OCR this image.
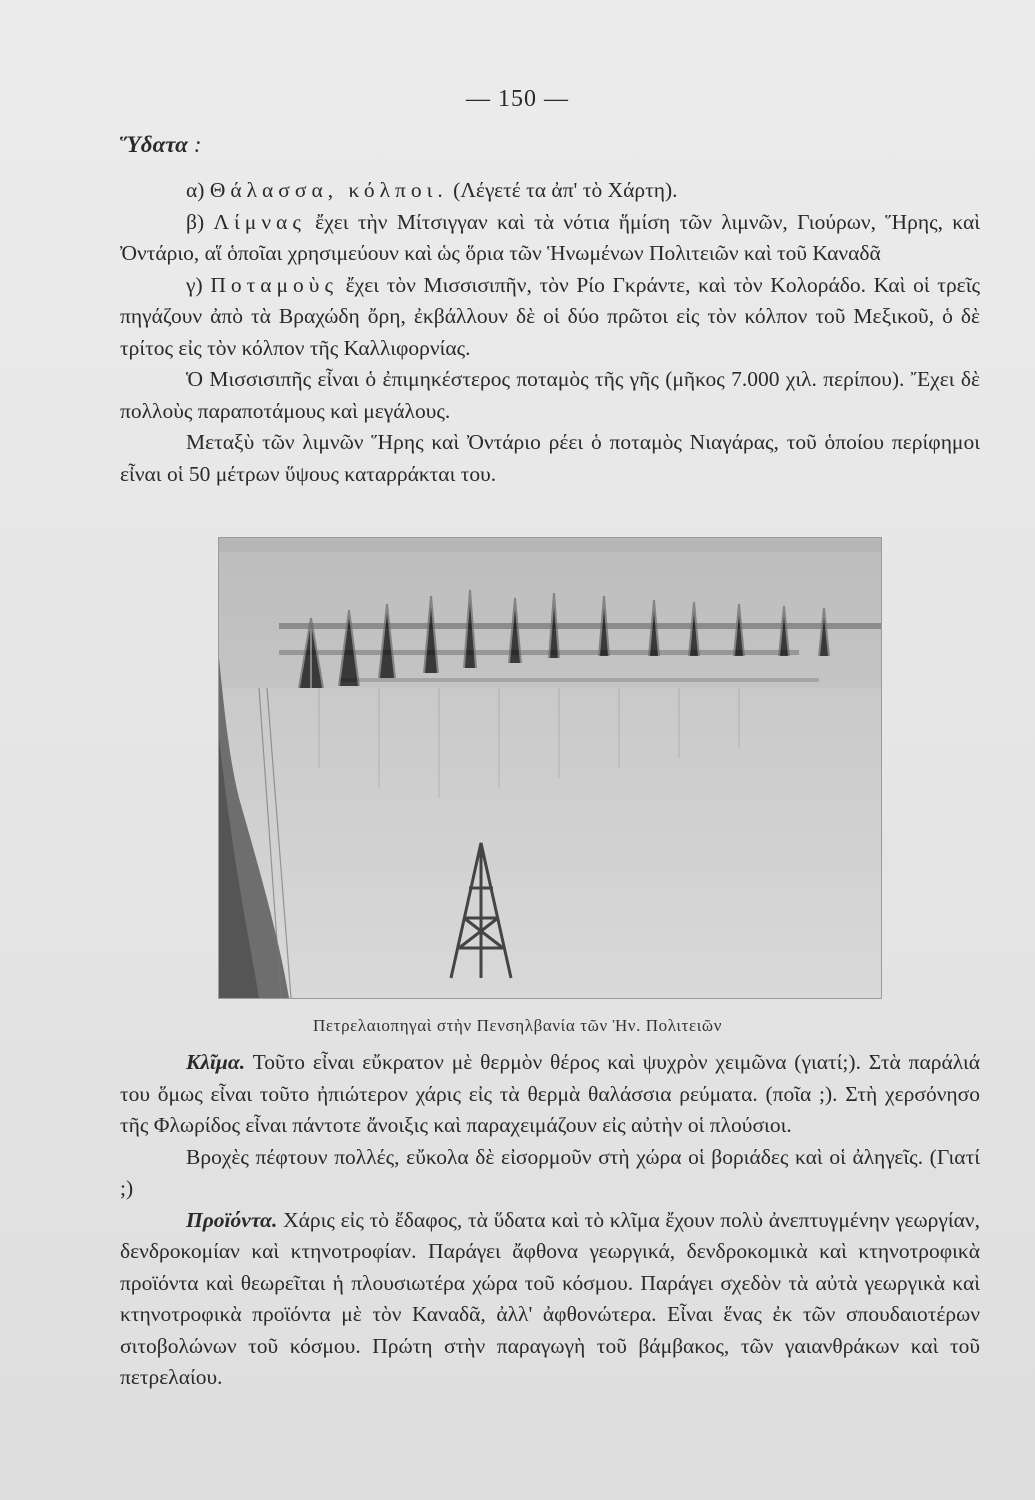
— 150 —
Ὕδατα :

α) Θάλασσα, κόλποι. (Λέγετέ τα ἀπ' τὸ Χάρτη).

β) Λίμνας ἔχει τὴν Μίτσιγγαν καὶ τὰ νότια ἥμίση τῶν λιμνῶν, Γιούρων, Ἥρης, καὶ Ὀντάριο, αἵ ὁποῖαι χρησιμεύουν καὶ ὡς ὅρια τῶν Ἡνωμένων Πολιτειῶν καὶ τοῦ Καναδᾶ

γ) Ποταμοὺς ἔχει τὸν Μισσισιπῆν, τὸν Ρίο Γκράντε, καὶ τὸν Κολοράδο. Καὶ οἱ τρεῖς πηγάζουν ἀπὸ τὰ Βραχώδη ὄρη, ἐκβάλλουν δὲ οἱ δύο πρῶτοι εἰς τὸν κόλπον τοῦ Μεξικοῦ, ὁ δὲ τρίτος εἰς τὸν κόλπον τῆς Καλλιφορνίας.

Ὁ Μισσισιπῆς εἶναι ὁ ἐπιμηκέστερος ποταμὸς τῆς γῆς (μῆκος 7.000 χιλ. περίπου). Ἔχει δὲ πολλοὺς παραποτάμους καὶ μεγάλους.

Μεταξὺ τῶν λιμνῶν Ἥρης καὶ Ὀντάριο ρέει ὁ ποταμὸς Νιαγάρας, τοῦ ὁποίου περίφημοι εἶναι οἱ 50 μέτρων ὕψους καταρράκται του.

Πετρελαιοπηγαὶ στὴν Πενσηλβανία τῶν Ἡν. Πολιτειῶν

Κλῖμα. Τοῦτο εἶναι εὔκρατον μὲ θερμὸν θέρος καὶ ψυχρὸν χειμῶνα (γιατί;). Στὰ παράλιά του ὅμως εἶναι τοῦτο ἠπιώτερον χάρις εἰς τὰ θερμὰ θαλάσσια ρεύματα. (ποῖα ;). Στὴ χερσόνησο τῆς Φλωρίδος εἶναι πάντοτε ἄνοιξις καὶ παραχειμάζουν εἰς αὐτὴν οἱ πλούσιοι.

Βροχὲς πέφτουν πολλές, εὔκολα δὲ εἰσορμοῦν στὴ χώρα οἱ βοριάδες καὶ οἱ ἀληγεῖς. (Γιατί ;)

Προϊόντα. Χάρις εἰς τὸ ἔδαφος, τὰ ὕδατα καὶ τὸ κλῖμα ἔχουν πολὺ ἀνεπτυγμένην γεωργίαν, δενδροκομίαν καὶ κτηνοτροφίαν. Παράγει ἄφθονα γεωργικά, δενδροκομικὰ καὶ κτηνοτροφικὰ προϊόντα καὶ θεωρεῖται ἡ πλουσιωτέρα χώρα τοῦ κόσμου. Παράγει σχεδὸν τὰ αὐτὰ γεωργικὰ καὶ κτηνοτροφικὰ προϊόντα μὲ τὸν Καναδᾶ, ἀλλ' ἀφθονώτερα. Εἶναι ἕνας ἐκ τῶν σπουδαιοτέρων σιτοβολώνων τοῦ κόσμου. Πρώτη στὴν παραγωγὴ τοῦ βάμβακος, τῶν γαιανθράκων καὶ τοῦ πετρελαίου.
